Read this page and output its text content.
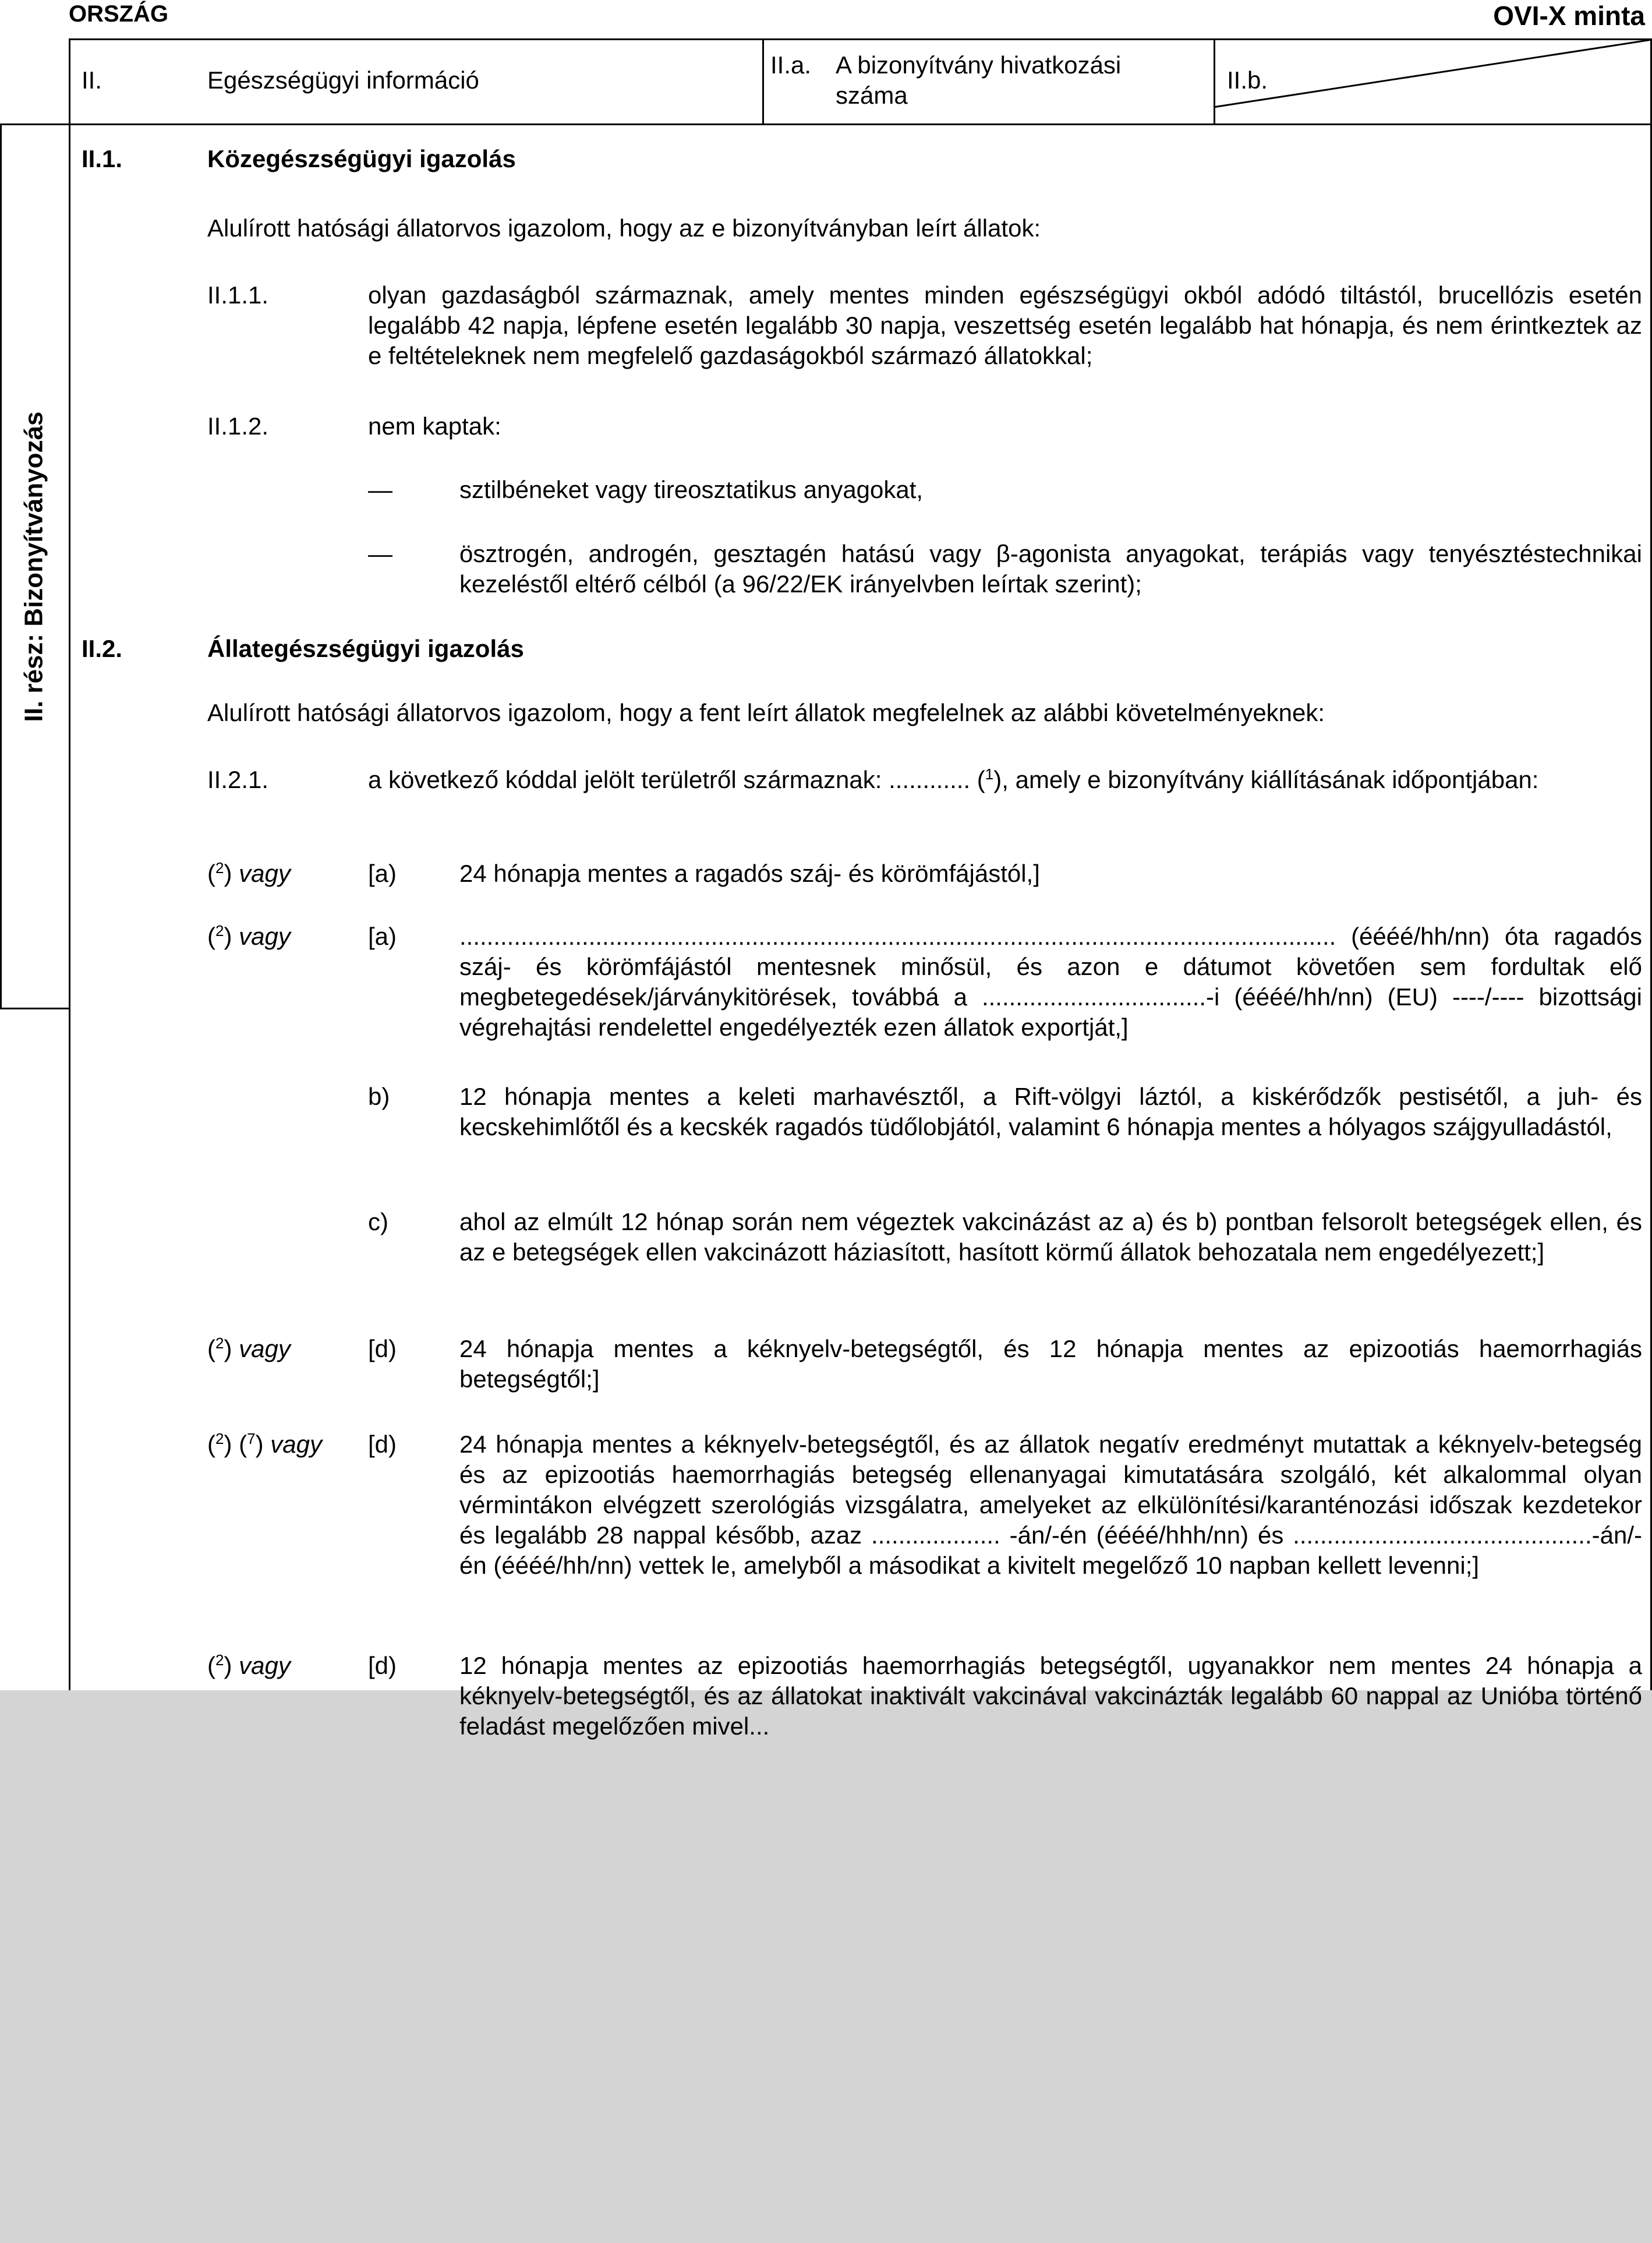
ORSZÁG	OVI-X minta
II. rész: Bizonyítványozás
II.	Egészségügyi információ
II.a. A bizonyítvány hivatkozási száma
II.b.
II.1.	Közegészségügyi igazolás
Alulírott hatósági állatorvos igazolom, hogy az e bizonyítványban leírt állatok:
II.1.1.	olyan gazdaságból származnak, amely mentes minden egészségügyi okból adódó tiltástól, brucellózis esetén legalább 42 napja, lépfene esetén legalább 30 napja, veszettség esetén legalább hat hónapja, és nem érintkeztek az e feltételeknek nem megfelelő gazdaságokból származó állatokkal;
II.1.2.	nem kaptak:
—	sztilbéneket vagy tireosztatikus anyagokat,
—	ösztrogén, androgén, gesztagén hatású vagy β-agonista anyagokat, terápiás vagy tenyésztéstechnikai kezeléstől eltérő célból (a 96/22/EK irányelvben leírtak szerint);
II.2.	Állategészségügyi igazolás
Alulírott hatósági állatorvos igazolom, hogy a fent leírt állatok megfelelnek az alábbi követelményeknek:
II.2.1.	a következő kóddal jelölt területről származnak: ............ ($^1$), amely e bizonyítvány kiállításának időpontjában:
($^2$) vagy	[a)	24 hónapja mentes a ragadós száj- és körömfájástól,]
($^2$) vagy	[a)	................................................................................................................................. (éééé/hh/nn) óta ragadós száj- és körömfájástól mentesnek minősül, és azon e dátumot követően sem fordultak elő megbetegedések/járványkitörések, továbbá a .................................-i (éééé/hh/nn) (EU) ----/---- bizottsági végrehajtási rendelettel engedélyezték ezen állatok exportját,]
b)	12 hónapja mentes a keleti marhavésztől, a Rift-völgyi láztól, a kiskérődzők pestisétől, a juh- és kecskehimlőtől és a kecskék ragadós tüdőlobjától, valamint 6 hónapja mentes a hólyagos szájgyulladástól,
c)	ahol az elmúlt 12 hónap során nem végeztek vakcinázást az a) és b) pontban felsorolt betegségek ellen, és az e betegségek ellen vakcinázott háziasított, hasított körmű állatok behozatala nem engedélyezett;]
($^2$) vagy	[d)	24 hónapja mentes a kéknyelv-betegségtől, és 12 hónapja mentes az epizootiás haemorrhagiás betegségtől;]
($^2$) ($^7$) vagy [d)	24 hónapja mentes a kéknyelv-betegségtől, és az állatok negatív eredményt mutattak a kéknyelv-betegség és az epizootiás haemorrhagiás betegség ellenanyagai kimutatására szolgáló, két alkalommal olyan vérmintákon elvégzett szerológiás vizsgálatra, amelyeket az elkülönítési/karanténozási időszak kezdetekor és legalább 28 nappal később, azaz ................... -án/-én (éééé/hhh/nn) és ............................................-án/-én (éééé/hh/nn) vettek le, amelyből a másodikat a kivitelt megelőző 10 napban kellett levenni;]
($^2$) vagy	[d)	12 hónapja mentes az epizootiás haemorrhagiás betegségtől, ugyanakkor nem mentes 24 hónapja a kéknyelv-betegségtől, és az állatokat inaktivált vakcinával vakcinázták legalább 60 nappal az Unióba történő feladást megelőzően mivel...
